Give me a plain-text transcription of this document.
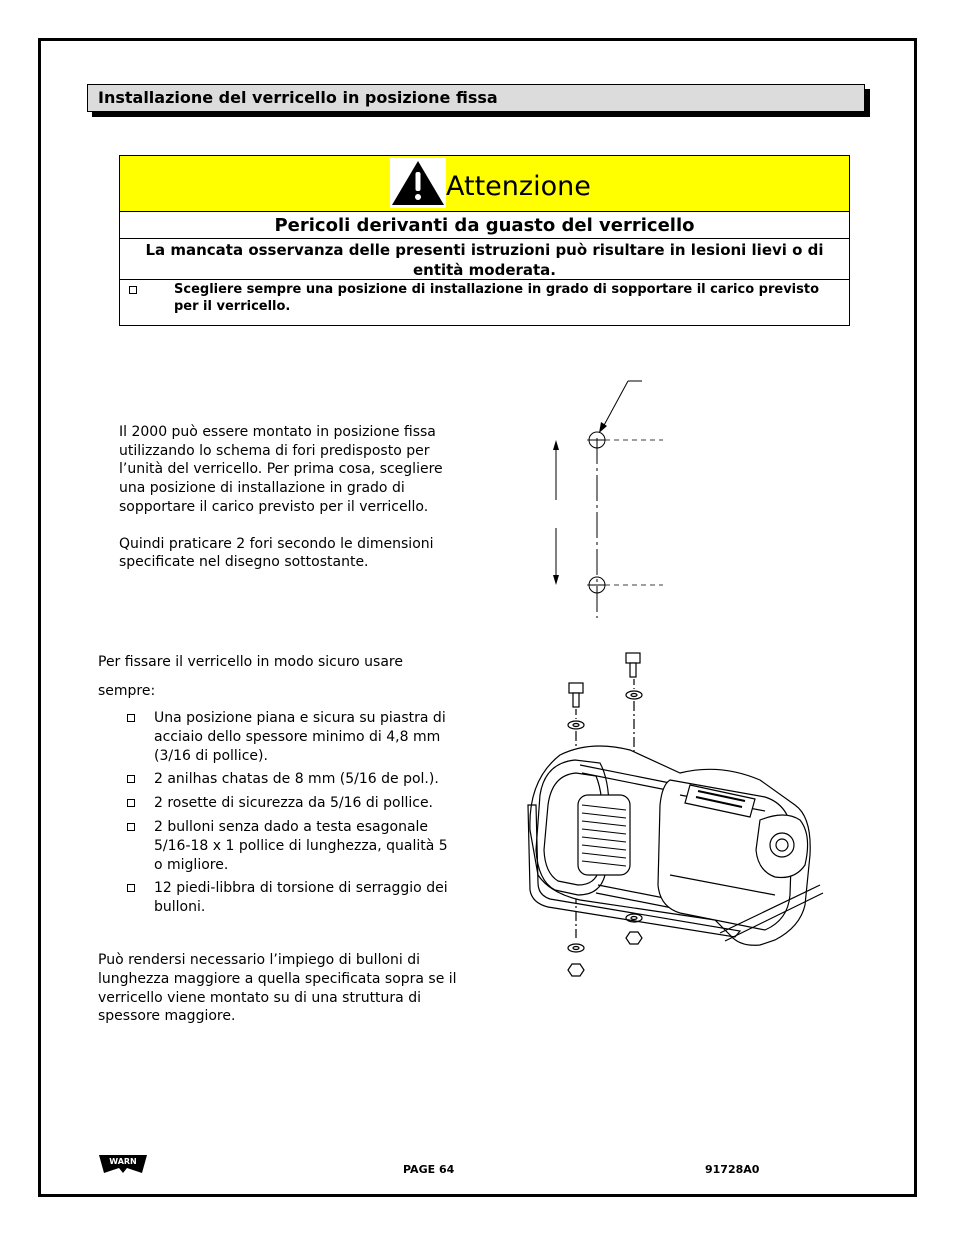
Installazione del verricello in posizione fissa
Attenzione
Pericoli derivanti da guasto del verricello
La mancata osservanza delle presenti istruzioni può risultare in lesioni lievi o di entità moderata.
Scegliere sempre una posizione di installazione in grado di sopportare il carico previsto per il verricello.

Il 2000 può essere montato in posizione fissa utilizzando lo schema di fori predisposto per l’unità del verricello. Per prima cosa, scegliere una posizione di installazione in grado di sopportare il carico previsto per il verricello.

Quindi praticare 2 fori secondo le dimensioni specificate nel disegno sottostante.

Per fissare il verricello in modo sicuro usare sempre:
Una posizione piana e sicura su piastra di acciaio dello spessore minimo di 4,8 mm (3/16 di pollice).
2 anilhas chatas de 8 mm (5/16 de pol.).
2 rosette di sicurezza da 5/16 di pollice.
2 bulloni senza dado a testa esagonale 5/16-18 x 1 pollice di lunghezza, qualità 5 o migliore.
12 piedi-libbra di torsione di serraggio dei bulloni.
Può rendersi necessario l’impiego di bulloni di lunghezza maggiore a quella specificata sopra se il verricello viene montato su di una struttura di spessore maggiore.
WARN
PAGE 64	91728A0
